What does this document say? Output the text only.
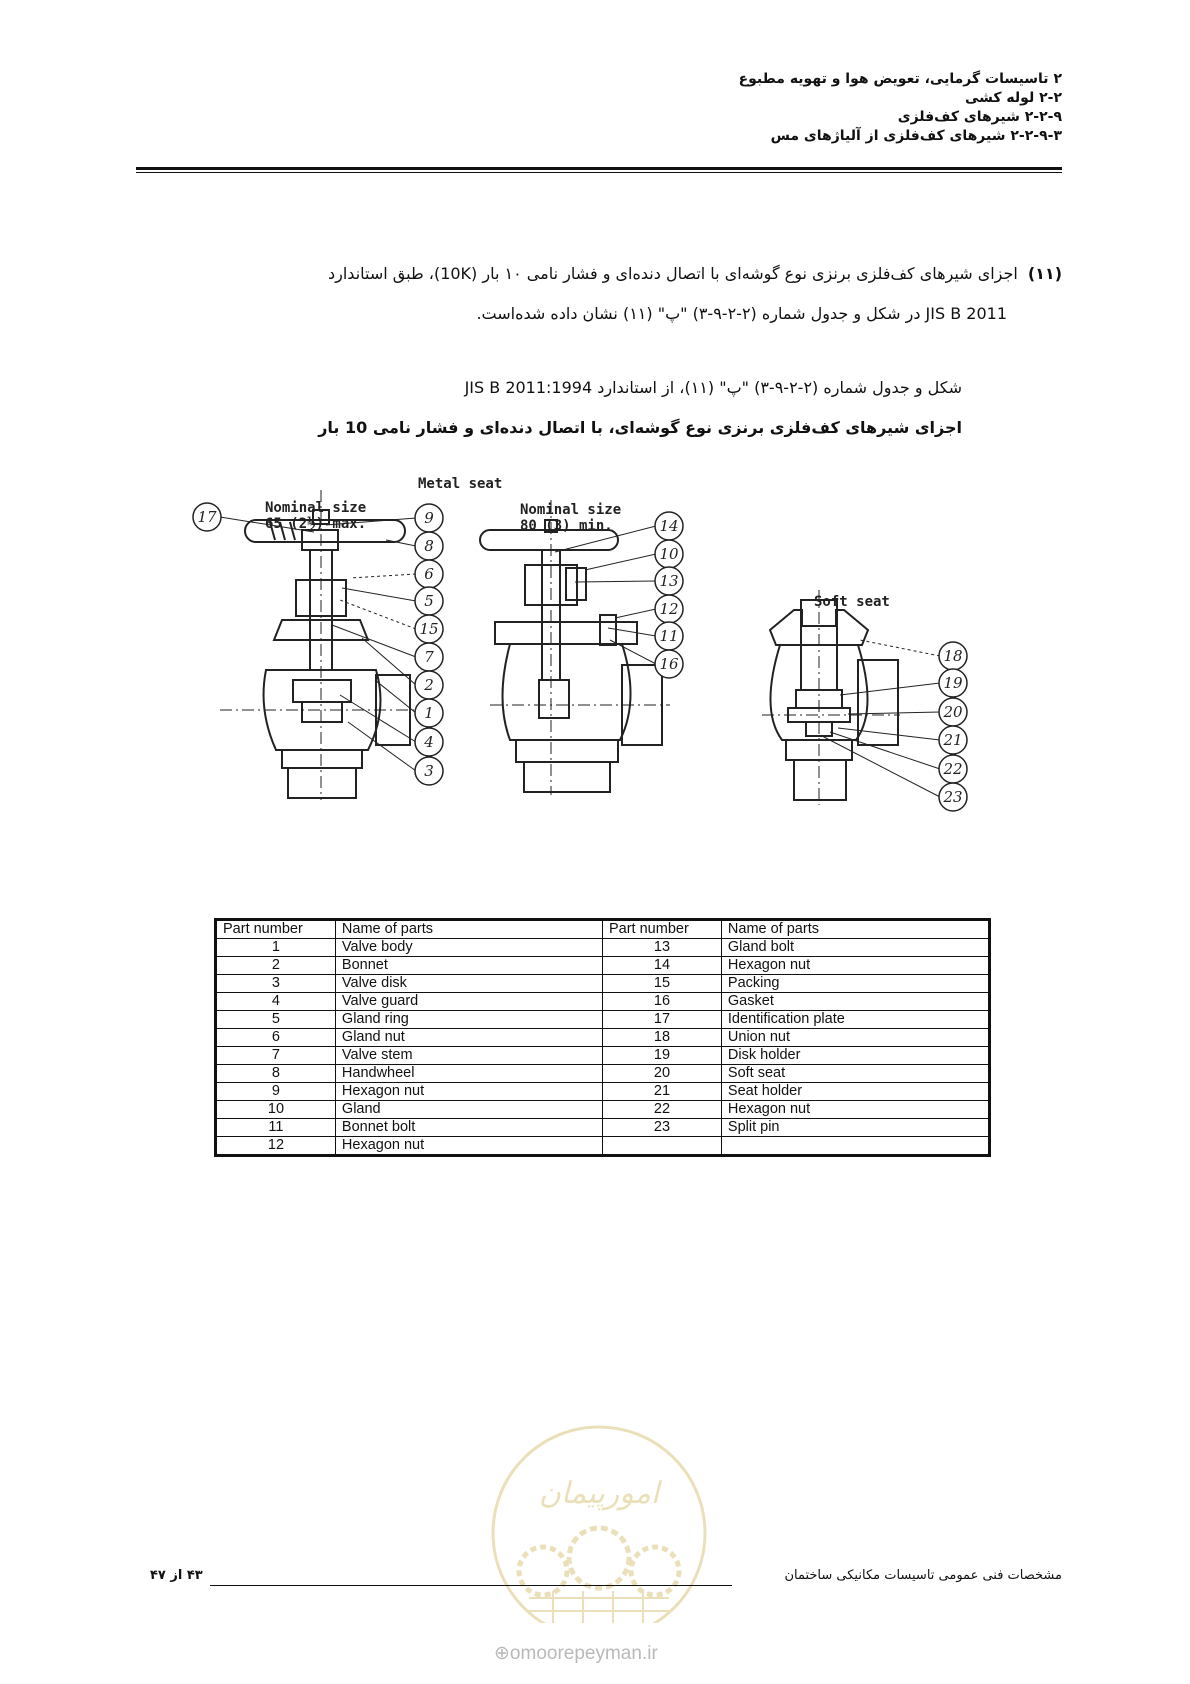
۲ تاسیسات گرمایی، تعویض هوا و تهویه مطبوع
۲-۲ لوله کشی
۲-۲-۹ شیرهای کف‌فلزی
۲-۲-۹-۳ شیرهای کف‌فلزی از آلیاژهای مس
(۱۱)اجزای شیرهای کف‌فلزی برنزی نوع گوشه‌ای با اتصال دنده‌ای و فشار نامی ۱۰ بار (10K)، طبق استاندارد
JIS B 2011 در شکل و جدول شماره (۲-۲-۹-۳) "پ" (۱۱) نشان داده شده‌است.
شکل و جدول شماره (۲-۲-۹-۳) "پ" (۱۱)، از استاندارد JIS B 2011:1994
اجزای شیرهای کف‌فلزی برنزی نوع گوشه‌ای، با اتصال دنده‌ای و فشار نامی 10 بار
Metal seat
Nominal size
65 (2½) max.
Nominal size
80 (3) min.
Soft seat
17	9
8
6
5
15
7
2
1
4
3
14
10
13
12
11
16	18
19
20
21
22
23
Part number	Name of parts	Part number	Name of parts
1	Valve body	13	Gland bolt
2	Bonnet	14	Hexagon nut
3	Valve disk	15	Packing
4	Valve guard	16	Gasket
5	Gland ring	17	Identification plate
6	Gland nut	18	Union nut
7	Valve stem	19	Disk holder
8	Handwheel	20	Soft seat
9	Hexagon nut	21	Seat holder
10	Gland	22	Hexagon nut
11	Bonnet bolt	23	Split pin
12	Hexagon nut		
امورپیمان
مشخصات فنی عمومی تاسیسات مکانیکی ساختمان
۴۳ از ۴۷
⊕omoorepeyman.ir
